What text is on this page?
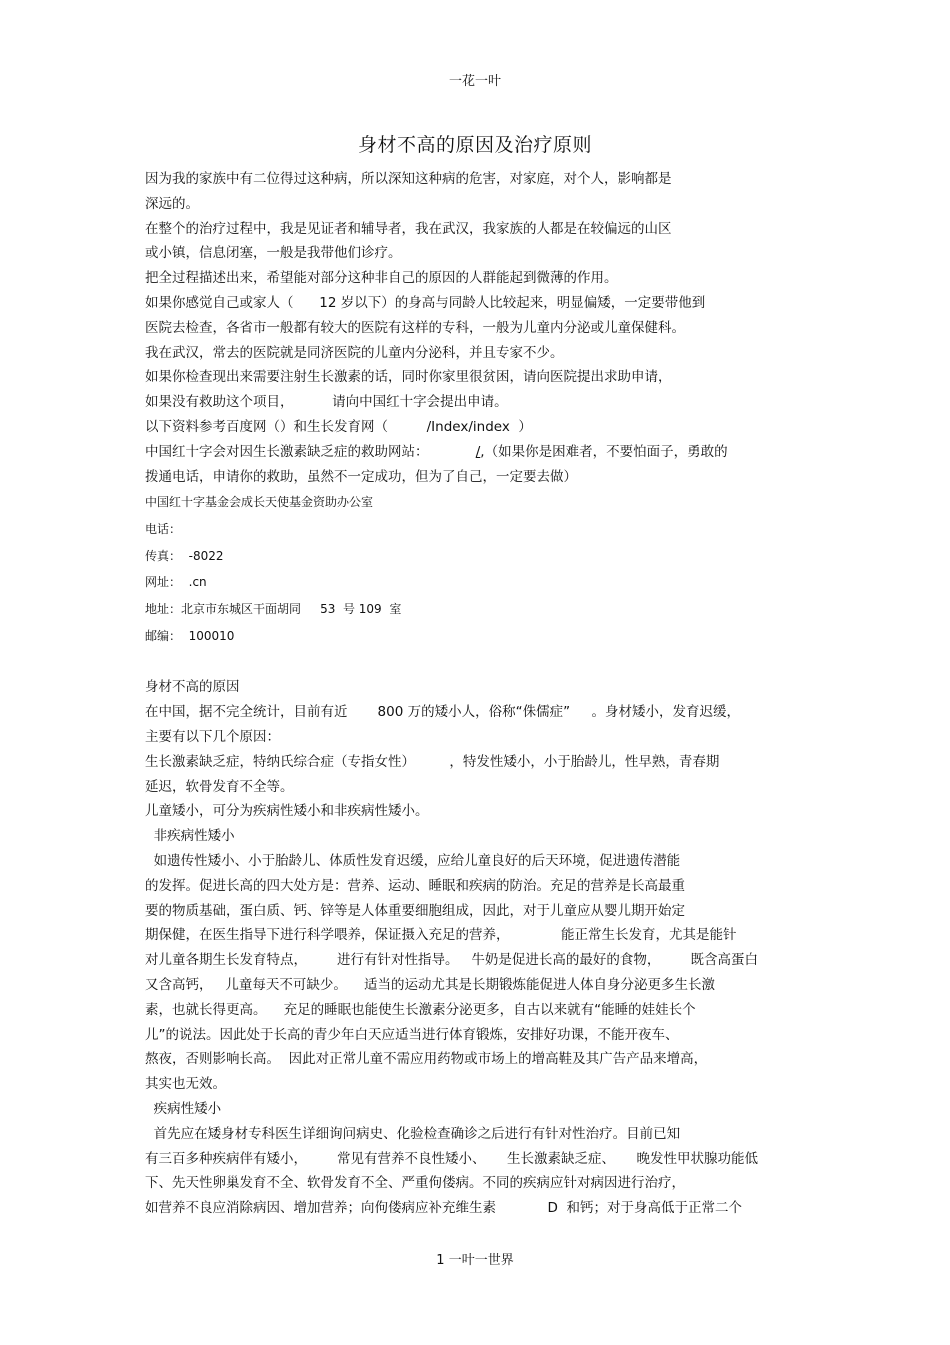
一花一叶
身材不高的原因及治疗原则
因为我的家族中有二位得过这种病，所以深知这种病的危害，对家庭，对个人，影响都是
深远的。
在整个的治疗过程中，我是见证者和辅导者，我在武汉，我家族的人都是在较偏远的山区
或小镇，信息闭塞，一般是我带他们诊疗。
把全过程描述出来，希望能对部分这种非自己的原因的人群能起到微薄的作用。
如果你感觉自己或家人（      12 岁以下）的身高与同龄人比较起来，明显偏矮，一定要带他到
医院去检查，各省市一般都有较大的医院有这样的专科，一般为儿童内分泌或儿童保健科。
我在武汉，常去的医院就是同济医院的儿童内分泌科，并且专家不少。
如果你检查现出来需要注射生长激素的话，同时你家里很贫困，请向医院提出求助申请，
如果没有救助这个项目，         请向中国红十字会提出申请。
以下资料参考百度网（）和生长发育网（         /Index/index  ）
中国红十字会对因生长激素缺乏症的救助网站：           /,（如果你是困难者，不要怕面子，勇敢的
拨通电话，申请你的救助，虽然不一定成功，但为了自己，一定要去做）
中国红十字基金会成长天使基金资助办公室
电话：
传真：  -8022
网址：  .cn
地址：北京市东城区干面胡同     53  号 109  室
邮编：  100010
身材不高的原因
在中国，据不完全统计，目前有近       800 万的矮小人，俗称“侏儒症”     。身材矮小，发育迟缓，
主要有以下几个原因：
生长激素缺乏症，特纳氏综合症（专指女性）        ，特发性矮小，小于胎龄儿，性早熟，青春期
延迟，软骨发育不全等。
儿童矮小，可分为疾病性矮小和非疾病性矮小。
非疾病性矮小
如遗传性矮小、小于胎龄儿、体质性发育迟缓，应给儿童良好的后天环境，促进遗传潜能
的发挥。促进长高的四大处方是：营养、运动、睡眠和疾病的防治。充足的营养是长高最重
要的物质基础，蛋白质、钙、锌等是人体重要细胞组成，因此，对于儿童应从婴儿期开始定
期保健，在医生指导下进行科学喂养，保证摄入充足的营养，            能正常生长发育，尤其是能针
对儿童各期生长发育特点，       进行有针对性指导。   牛奶是促进长高的最好的食物，       既含高蛋白
又含高钙，   儿童每天不可缺少。    适当的运动尤其是长期锻炼能促进人体自身分泌更多生长激
素，也就长得更高。    充足的睡眠也能使生长激素分泌更多，自古以来就有“能睡的娃娃长个
儿”的说法。因此处于长高的青少年白天应适当进行体育锻炼，安排好功课，不能开夜车、
熬夜，否则影响长高。  因此对正常儿童不需应用药物或市场上的增高鞋及其广告产品来增高，
其实也无效。
疾病性矮小
首先应在矮身材专科医生详细询问病史、化验检查确诊之后进行有针对性治疗。目前已知
有三百多种疾病伴有矮小，       常见有营养不良性矮小、     生长激素缺乏症、     晚发性甲状腺功能低
下、先天性卵巢发育不全、软骨发育不全、严重佝偻病。不同的疾病应针对病因进行治疗，
如营养不良应消除病因、增加营养；向佝偻病应补充维生素            D  和钙；对于身高低于正常二个
1 一叶一世界
